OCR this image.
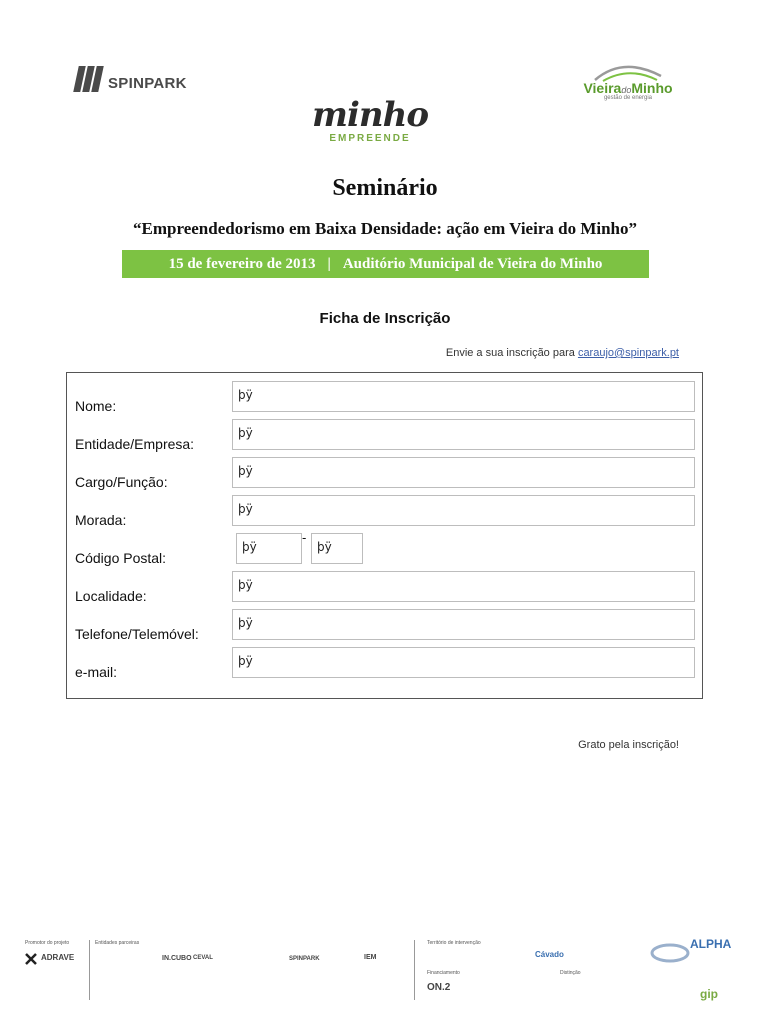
SPINPARK	VieiradoMinho
gestão de energia
minho
EMPREENDE
Seminário
“Empreendedorismo em Baixa Densidade: ação em Vieira do Minho”
15 de fevereiro de 2013 | Auditório Municipal de Vieira do Minho
Ficha de Inscrição
Envie a sua inscrição para caraujo@spinpark.pt
Nome:
þÿ
Entidade/Empresa:
þÿ
Cargo/Função:
þÿ
Morada:
þÿ
Código Postal:
þÿ
-
þÿ
Localidade:
þÿ
Telefone/Telemóvel:
þÿ
e-mail:
þÿ
Grato pela inscrição!
Promotor do projeto
ADRAVE
Entidades parceiras
IN.CUBO CEVAL	SPINPARK	IEM
Território de intervenção
Cávado
Financiamento
ON.2
Distinção
ALPHA
gip
